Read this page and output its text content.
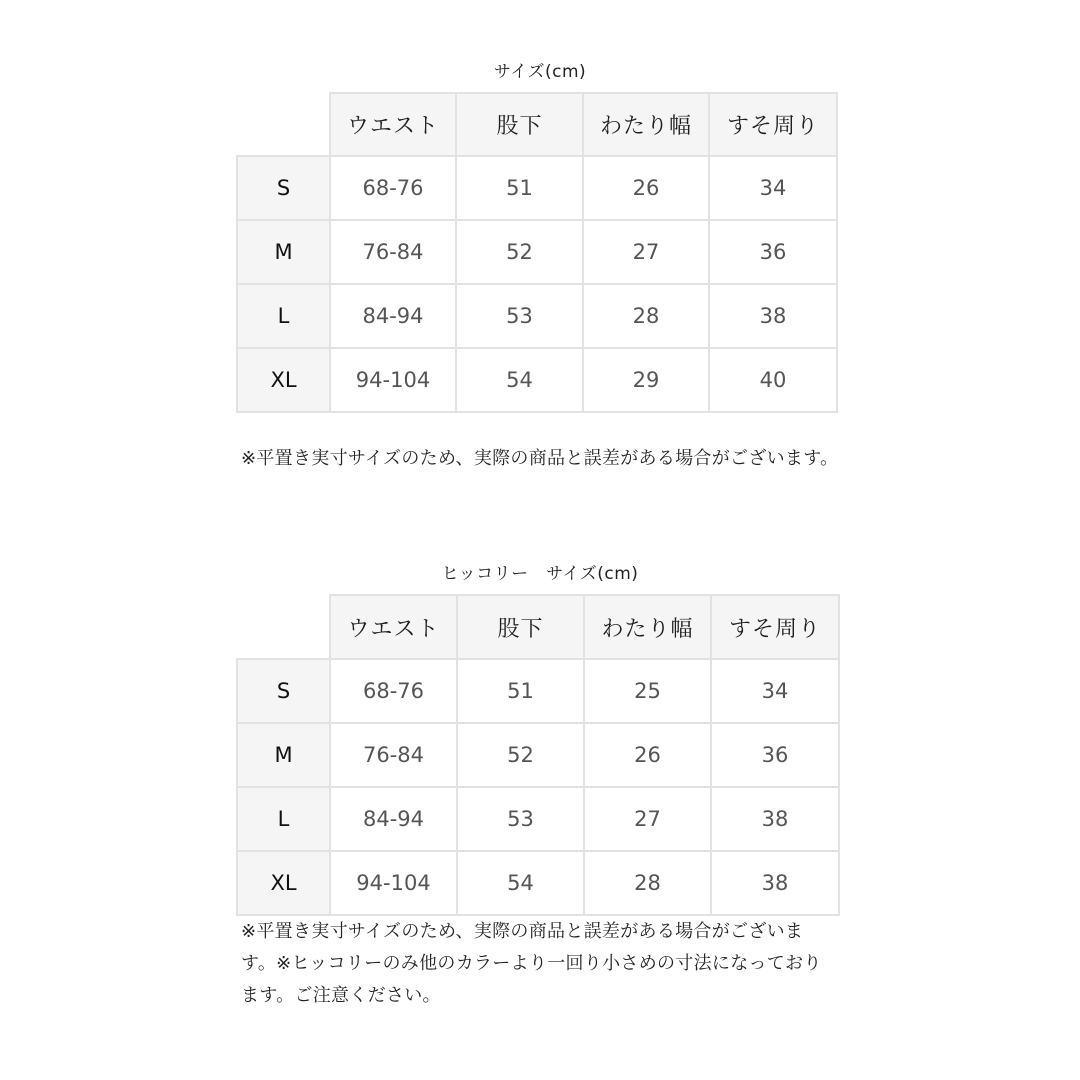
サイズ(cm)
	ウエスト	股下	わたり幅	すそ周り
S	68-76	51	26	34
M	76-84	52	27	36
L	84-94	53	28	38
XL	94-104	54	29	40
※平置き実寸サイズのため、実際の商品と誤差がある場合がございます。
ヒッコリー　サイズ(cm)
	ウエスト	股下	わたり幅	すそ周り
S	68-76	51	25	34
M	76-84	52	26	36
L	84-94	53	27	38
XL	94-104	54	28	38
※平置き実寸サイズのため、実際の商品と誤差がある場合がございます。※ヒッコリーのみ他のカラーより一回り小さめの寸法になっております。ご注意ください。
